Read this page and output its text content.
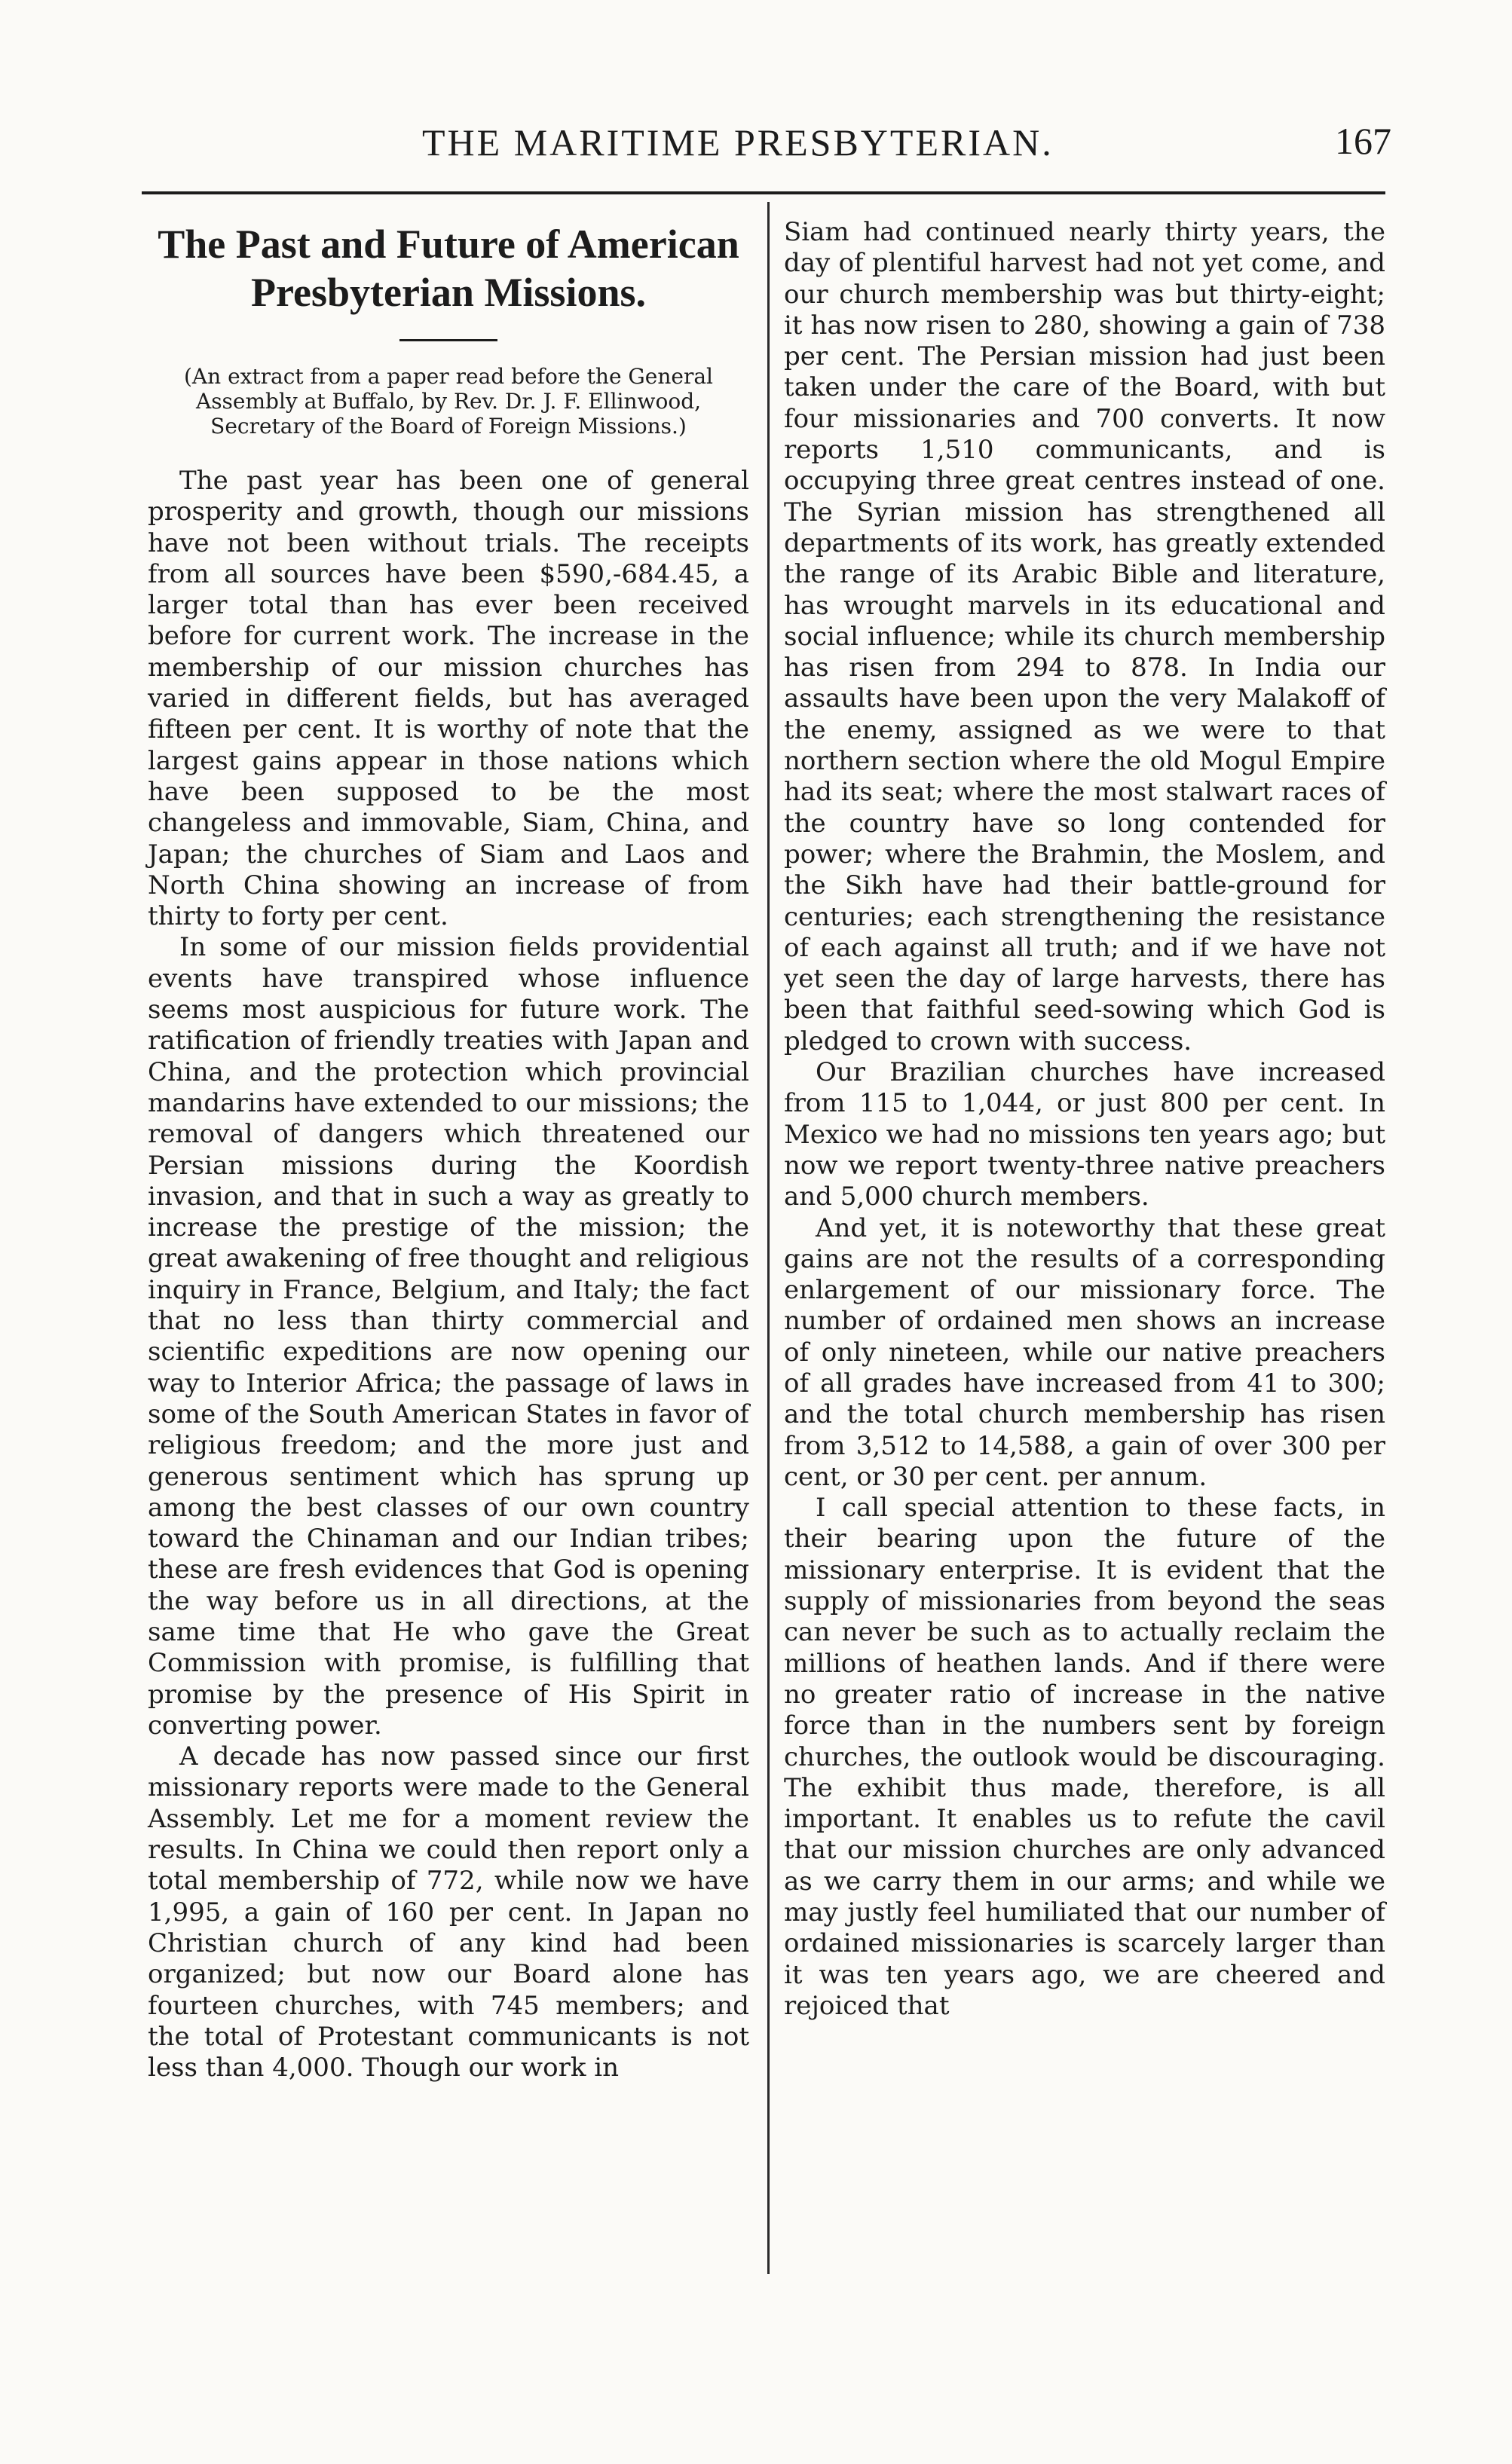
THE MARITIME PRESBYTERIAN.	167
The Past and Future of American Presbyterian Missions.
(An extract from a paper read before the General Assembly at Buffalo, by Rev. Dr. J. F. Ellinwood, Secretary of the Board of Foreign Missions.)

The past year has been one of general prosperity and growth, though our missions have not been without trials. The receipts from all sources have been $590,-684.45, a larger total than has ever been received before for current work. The increase in the membership of our mission churches has varied in different fields, but has averaged fifteen per cent. It is worthy of note that the largest gains appear in those nations which have been supposed to be the most changeless and immovable, Siam, China, and Japan; the churches of Siam and Laos and North China showing an increase of from thirty to forty per cent.

In some of our mission fields providential events have transpired whose influence seems most auspicious for future work. The ratification of friendly treaties with Japan and China, and the protection which provincial mandarins have extended to our missions; the removal of dangers which threatened our Persian missions during the Koordish invasion, and that in such a way as greatly to increase the prestige of the mission; the great awakening of free thought and religious inquiry in France, Belgium, and Italy; the fact that no less than thirty commercial and scientific expeditions are now opening our way to Interior Africa; the passage of laws in some of the South American States in favor of religious freedom; and the more just and generous sentiment which has sprung up among the best classes of our own country toward the Chinaman and our Indian tribes; these are fresh evidences that God is opening the way before us in all directions, at the same time that He who gave the Great Commission with promise, is fulfilling that promise by the presence of His Spirit in converting power.

A decade has now passed since our first missionary reports were made to the General Assembly. Let me for a moment review the results. In China we could then report only a total membership of 772, while now we have 1,995, a gain of 160 per cent. In Japan no Christian church of any kind had been organized; but now our Board alone has fourteen churches, with 745 members; and the total of Protestant communicants is not less than 4,000. Though our work in

Siam had continued nearly thirty years, the day of plentiful harvest had not yet come, and our church membership was but thirty-eight; it has now risen to 280, showing a gain of 738 per cent. The Persian mission had just been taken under the care of the Board, with but four missionaries and 700 converts. It now reports 1,510 communicants, and is occupying three great centres instead of one. The Syrian mission has strengthened all departments of its work, has greatly extended the range of its Arabic Bible and literature, has wrought marvels in its educational and social influence; while its church membership has risen from 294 to 878. In India our assaults have been upon the very Malakoff of the enemy, assigned as we were to that northern section where the old Mogul Empire had its seat; where the most stalwart races of the country have so long contended for power; where the Brahmin, the Moslem, and the Sikh have had their battle-ground for centuries; each strengthening the resistance of each against all truth; and if we have not yet seen the day of large harvests, there has been that faithful seed-sowing which God is pledged to crown with success.

Our Brazilian churches have increased from 115 to 1,044, or just 800 per cent. In Mexico we had no missions ten years ago; but now we report twenty-three native preachers and 5,000 church members.

And yet, it is noteworthy that these great gains are not the results of a corresponding enlargement of our missionary force. The number of ordained men shows an increase of only nineteen, while our native preachers of all grades have increased from 41 to 300; and the total church membership has risen from 3,512 to 14,588, a gain of over 300 per cent, or 30 per cent. per annum.

I call special attention to these facts, in their bearing upon the future of the missionary enterprise. It is evident that the supply of missionaries from beyond the seas can never be such as to actually reclaim the millions of heathen lands. And if there were no greater ratio of increase in the native force than in the numbers sent by foreign churches, the outlook would be discouraging. The exhibit thus made, therefore, is all important. It enables us to refute the cavil that our mission churches are only advanced as we carry them in our arms; and while we may justly feel humiliated that our number of ordained missionaries is scarcely larger than it was ten years ago, we are cheered and rejoiced that
